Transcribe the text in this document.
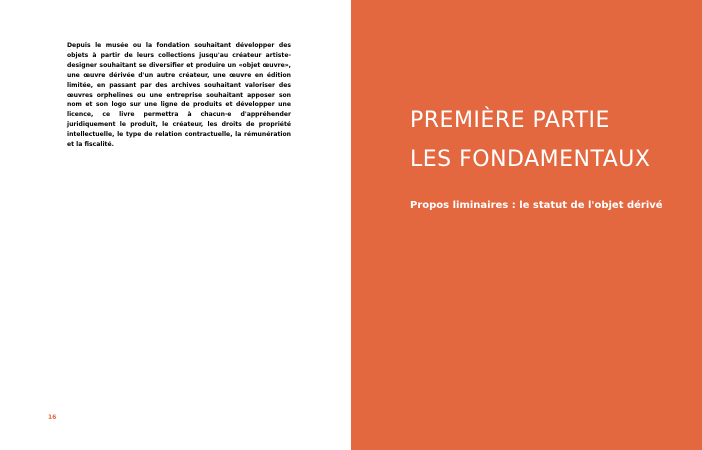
Depuis le musée ou la fondation souhaitant développer des objets à partir de leurs collections jusqu'au créateur artiste-designer souhaitant se diversifier et produire un «objet œuvre», une œuvre dérivée d'un autre créateur, une œuvre en édition limitée, en passant par des archives souhaitant valoriser des œuvres orphelines ou une entreprise souhaitant apposer son nom et son logo sur une ligne de produits et développer une licence, ce livre permettra à chacun·e d'appréhender juridiquement le produit, le créateur, les droits de propriété intellectuelle, le type de relation contractuelle, la rémunération et la fiscalité.

16
PREMIÈRE PARTIE
LES FONDAMENTAUX

Propos liminaires : le statut de l'objet dérivé
